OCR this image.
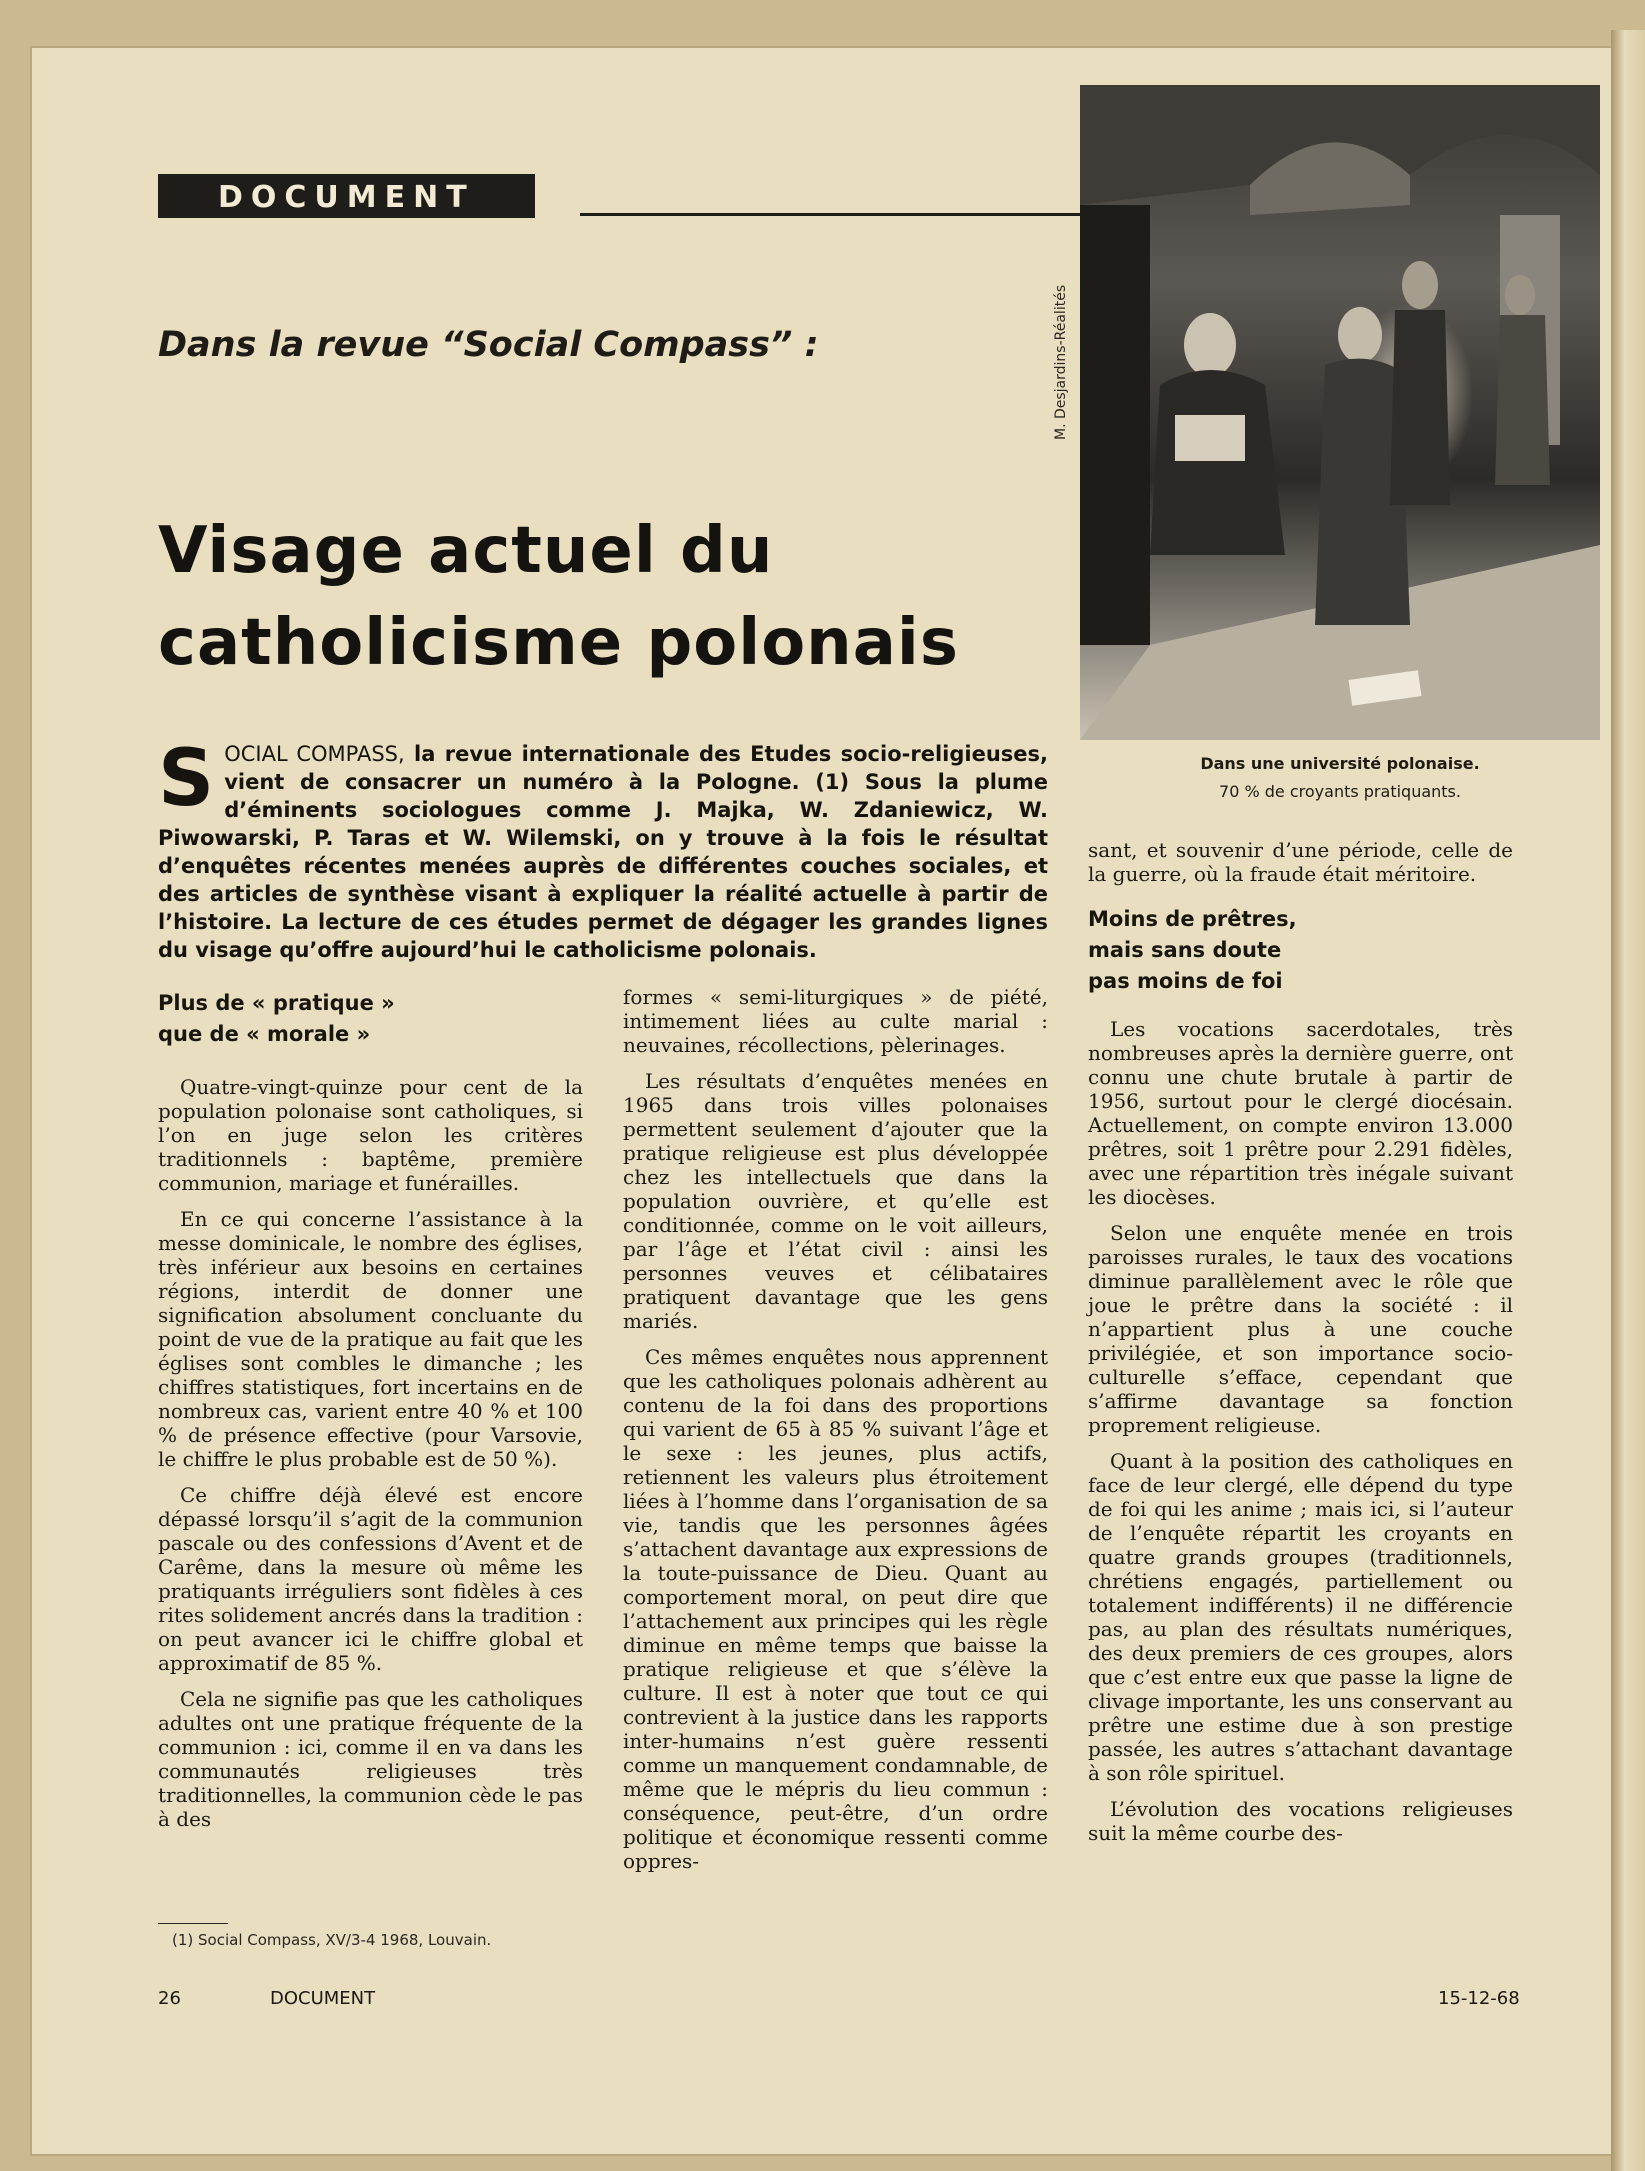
DOCUMENT
Dans la revue “Social Compass” :
Visage actuel du
catholicisme polonais
M. Desjardins-Réalités
Dans une université polonaise.
70 % de croyants pratiquants.
SOCIAL COMPASS, la revue internationale des Etudes socio-religieuses, vient de consacrer un numéro à la Pologne. (1) Sous la plume d’éminents sociologues comme J. Majka, W. Zdaniewicz, W. Piwowarski, P. Taras et W. Wilemski, on y trouve à la fois le résultat d’enquêtes récentes menées auprès de différentes couches sociales, et des articles de synthèse visant à expliquer la réalité actuelle à partir de l’histoire. La lecture de ces études permet de dégager les grandes lignes du visage qu’offre aujourd’hui le catholicisme polonais.
Plus de « pratique »
que de « morale »

Quatre-vingt-quinze pour cent de la population polonaise sont catholiques, si l’on en juge selon les critères traditionnels : baptême, première communion, mariage et funérailles.

En ce qui concerne l’assistance à la messe dominicale, le nombre des églises, très inférieur aux besoins en certaines régions, interdit de donner une signification absolument concluante du point de vue de la pratique au fait que les églises sont combles le dimanche ; les chiffres statistiques, fort incertains en de nombreux cas, varient entre 40 % et 100 % de présence effective (pour Varsovie, le chiffre le plus probable est de 50 %).

Ce chiffre déjà élevé est encore dépassé lorsqu’il s’agit de la communion pascale ou des confessions d’Avent et de Carême, dans la mesure où même les pratiquants irréguliers sont fidèles à ces rites solidement ancrés dans la tradition : on peut avancer ici le chiffre global et approximatif de 85 %.

Cela ne signifie pas que les catholiques adultes ont une pratique fréquente de la communion : ici, comme il en va dans les communautés religieuses très traditionnelles, la communion cède le pas à des

formes « semi-liturgiques » de piété, intimement liées au culte marial : neuvaines, récollections, pèlerinages.

Les résultats d’enquêtes menées en 1965 dans trois villes polonaises permettent seulement d’ajouter que la pratique religieuse est plus développée chez les intellectuels que dans la population ouvrière, et qu’elle est conditionnée, comme on le voit ailleurs, par l’âge et l’état civil : ainsi les personnes veuves et célibataires pratiquent davantage que les gens mariés.

Ces mêmes enquêtes nous apprennent que les catholiques polonais adhèrent au contenu de la foi dans des proportions qui varient de 65 à 85 % suivant l’âge et le sexe : les jeunes, plus actifs, retiennent les valeurs plus étroitement liées à l’homme dans l’organisation de sa vie, tandis que les personnes âgées s’attachent davantage aux expressions de la toute-puissance de Dieu. Quant au comportement moral, on peut dire que l’attachement aux principes qui les règle diminue en même temps que baisse la pratique religieuse et que s’élève la culture. Il est à noter que tout ce qui contrevient à la justice dans les rapports inter-humains n’est guère ressenti comme un manquement condamnable, de même que le mépris du lieu commun : conséquence, peut-être, d’un ordre politique et économique ressenti comme oppres-

sant, et souvenir d’une période, celle de la guerre, où la fraude était méritoire.

Moins de prêtres,
mais sans doute
pas moins de foi

Les vocations sacerdotales, très nombreuses après la dernière guerre, ont connu une chute brutale à partir de 1956, surtout pour le clergé diocésain. Actuellement, on compte environ 13.000 prêtres, soit 1 prêtre pour 2.291 fidèles, avec une répartition très inégale suivant les diocèses.

Selon une enquête menée en trois paroisses rurales, le taux des vocations diminue parallèlement avec le rôle que joue le prêtre dans la société : il n’appartient plus à une couche privilégiée, et son importance socio-culturelle s’efface, cependant que s’affirme davantage sa fonction proprement religieuse.

Quant à la position des catholiques en face de leur clergé, elle dépend du type de foi qui les anime ; mais ici, si l’auteur de l’enquête répartit les croyants en quatre grands groupes (traditionnels, chrétiens engagés, partiellement ou totalement indifférents) il ne différencie pas, au plan des résultats numériques, des deux premiers de ces groupes, alors que c’est entre eux que passe la ligne de clivage importante, les uns conservant au prêtre une estime due à son prestige passée, les autres s’attachant davantage à son rôle spirituel.

L’évolution des vocations religieuses suit la même courbe des-

(1) Social Compass, XV/3-4 1968, Louvain.
26	DOCUMENT	15-12-68
